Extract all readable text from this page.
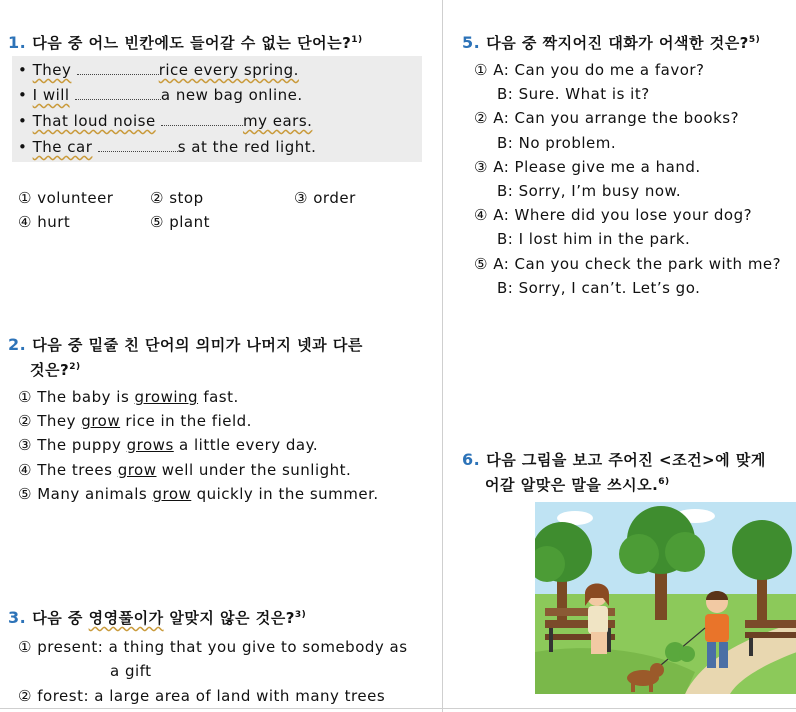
1. 다음 중 어느 빈칸에도 들어갈 수 없는 단어는?$^{1)}$
• They	rice every spring.
• I will	a new bag online.
• That loud noise	my ears.
• The car	s at the red light.
① volunteer ② stop	③ order
④ hurt	⑤ plant
2. 다음 중 밑줄 친 단어의 의미가 나머지 넷과 다른
것은?$^{2)}$
① The baby is growing fast.
② They grow rice in the field.
③ The puppy grows a little every day.
④ The trees grow well under the sunlight.
⑤ Many animals grow quickly in the summer.
3. 다음 중 영영풀이가 알맞지 않은 것은?$^{3)}$
① present: a thing that you give to somebody as
a gift
② forest: a large area of land with many trees
5. 다음 중 짝지어진 대화가 어색한 것은?$^{5)}$
① A: Can you do me a favor?
B: Sure. What is it?
② A: Can you arrange the books?
B: No problem.
③ A: Please give me a hand.
B: Sorry, I’m busy now.
④ A: Where did you lose your dog?
B: I lost him in the park.
⑤ A: Can you check the park with me?
B: Sorry, I can’t. Let’s go.
6. 다음 그림을 보고 주어진 <조건>에 맞게
어갈 알맞은 말을 쓰시오.$^{6)}$
